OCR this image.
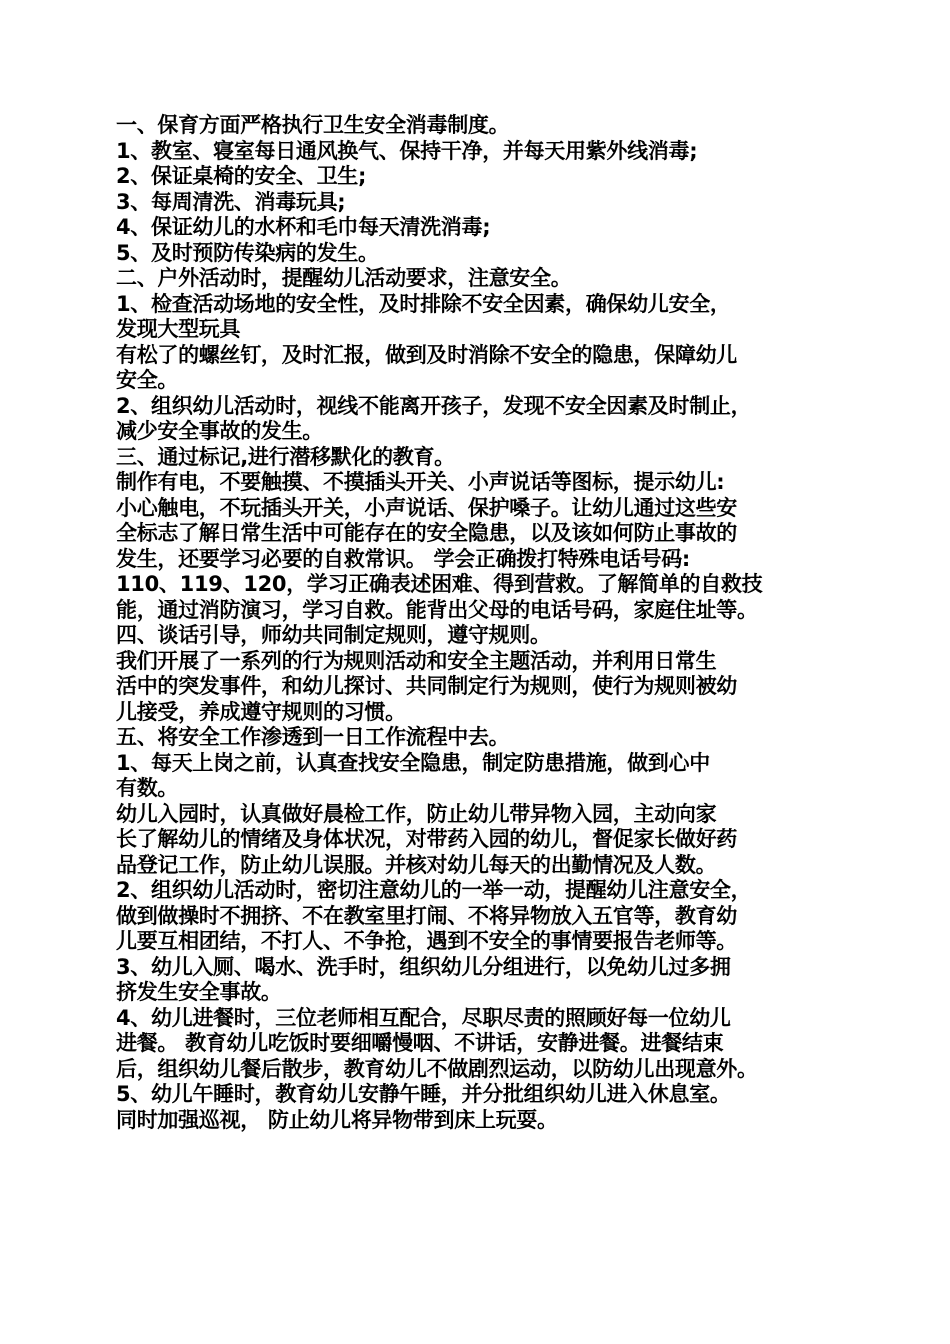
一、保育方面严格执行卫生安全消毒制度。

1、教室、寝室每日通风换气、保持干净，并每天用紫外线消毒;

2、保证桌椅的安全、卫生;

3、每周清洗、消毒玩具;

4、保证幼儿的水杯和毛巾每天清洗消毒;

5、及时预防传染病的发生。

二、户外活动时，提醒幼儿活动要求，注意安全。

1、检查活动场地的安全性，及时排除不安全因素，确保幼儿安全，

发现大型玩具

有松了的螺丝钉，及时汇报，做到及时消除不安全的隐患，保障幼儿

安全。

2、组织幼儿活动时，视线不能离开孩子，发现不安全因素及时制止，

减少安全事故的发生。

三、通过标记,进行潜移默化的教育。

制作有电，不要触摸、不摸插头开关、小声说话等图标，提示幼儿:

小心触电，不玩插头开关，小声说话、保护嗓子。让幼儿通过这些安

全标志了解日常生活中可能存在的安全隐患，以及该如何防止事故的

发生，还要学习必要的自救常识。 学会正确拨打特殊电话号码:

110、119、120，学习正确表述困难、得到营救。了解简单的自救技

能，通过消防演习，学习自救。能背出父母的电话号码，家庭住址等。

四、谈话引导，师幼共同制定规则，遵守规则。

我们开展了一系列的行为规则活动和安全主题活动，并利用日常生

活中的突发事件，和幼儿探讨、共同制定行为规则，使行为规则被幼

儿接受，养成遵守规则的习惯。

五、将安全工作渗透到一日工作流程中去。

1、每天上岗之前，认真查找安全隐患，制定防患措施，做到心中

有数。

幼儿入园时，认真做好晨检工作，防止幼儿带异物入园，主动向家

长了解幼儿的情绪及身体状况，对带药入园的幼儿，督促家长做好药

品登记工作，防止幼儿误服。并核对幼儿每天的出勤情况及人数。

2、组织幼儿活动时，密切注意幼儿的一举一动，提醒幼儿注意安全，

做到做操时不拥挤、不在教室里打闹、不将异物放入五官等，教育幼

儿要互相团结，不打人、不争抢，遇到不安全的事情要报告老师等。

3、幼儿入厕、喝水、洗手时，组织幼儿分组进行，以免幼儿过多拥

挤发生安全事故。

4、幼儿进餐时，三位老师相互配合，尽职尽责的照顾好每一位幼儿

进餐。 教育幼儿吃饭时要细嚼慢咽、不讲话，安静进餐。进餐结束

后，组织幼儿餐后散步，教育幼儿不做剧烈运动，以防幼儿出现意外。

5、幼儿午睡时，教育幼儿安静午睡，并分批组织幼儿进入休息室。

同时加强巡视， 防止幼儿将异物带到床上玩耍。
